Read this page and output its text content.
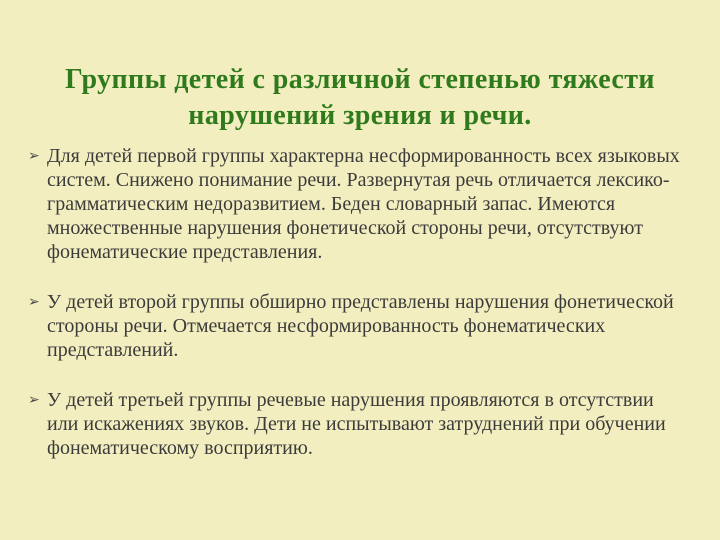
Группы детей с различной степенью тяжести
нарушений зрения и речи.
➢ Для детей первой группы характерна несформированность всех языковых систем. Снижено понимание речи. Развернутая речь отличается лексико-грамматическим недоразвитием. Беден словарный запас. Имеются множественные нарушения фонетической стороны речи, отсутствуют фонематические представления.
➢ У детей второй группы обширно представлены нарушения фонетической стороны речи. Отмечается несформированность фонематических представлений.
➢ У детей третьей группы речевые нарушения проявляются в отсутствии или искажениях звуков. Дети не испытывают затруднений при обучении фонематическому восприятию.
